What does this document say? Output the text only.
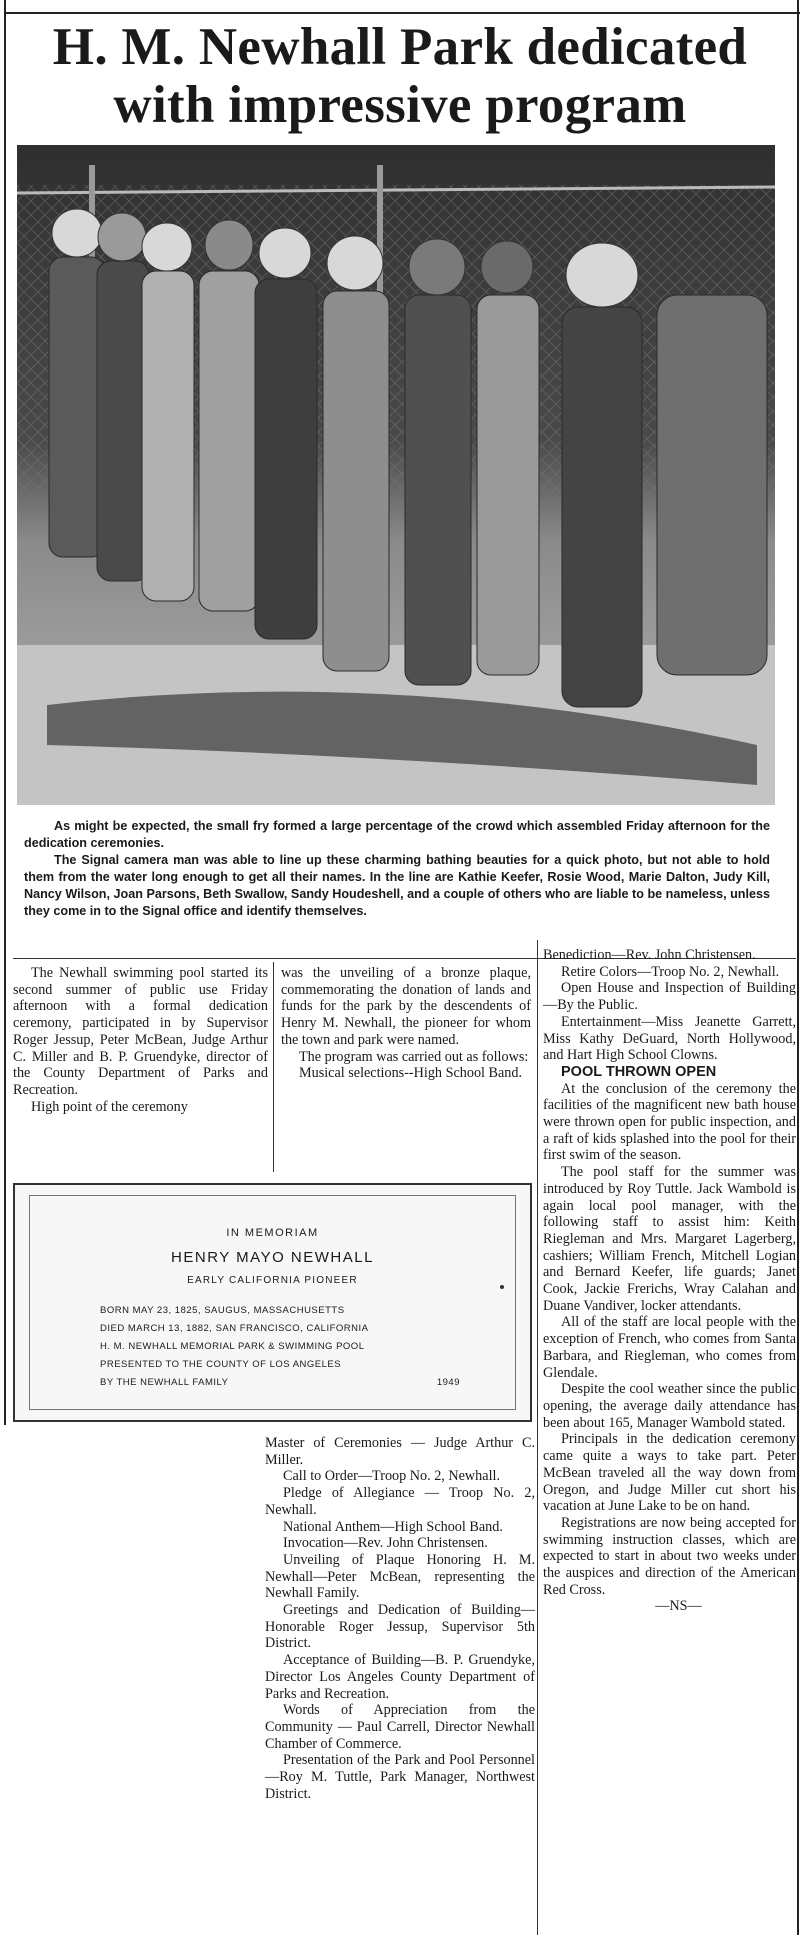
H. M. Newhall Park dedicated
with impressive program

As might be expected, the small fry formed a large percentage of the crowd which assembled Friday afternoon for the dedication ceremonies.

The Signal camera man was able to line up these charming bathing beauties for a quick photo, but not able to hold them from the water long enough to get all their names. In the line are Kathie Keefer, Rosie Wood, Marie Dalton, Judy Kill, Nancy Wilson, Joan Parsons, Beth Swallow, Sandy Houdeshell, and a couple of others who are liable to be nameless, unless they come in to the Signal office and identify themselves.

The Newhall swimming pool started its second summer of public use Friday afternoon with a formal dedication ceremony, participated in by Supervisor Roger Jessup, Peter McBean, Judge Arthur C. Miller and B. P. Gruendyke, director of the County Department of Parks and Recreation.

High point of the ceremony

was the unveiling of a bronze plaque, commemorating the donation of lands and funds for the park by the descendents of Henry M. Newhall, the pioneer for whom the town and park were named.

The program was carried out as follows:

Musical selections--High School Band.

IN MEMORIAM
HENRY MAYO NEWHALL
EARLY CALIFORNIA PIONEER
BORN MAY 23, 1825, SAUGUS, MASSACHUSETTS
DIED MARCH 13, 1882, SAN FRANCISCO, CALIFORNIA
H. M. NEWHALL MEMORIAL PARK & SWIMMING POOL
PRESENTED TO THE COUNTY OF LOS ANGELES
BY THE NEWHALL FAMILY	1949

Master of Ceremonies — Judge Arthur C. Miller.

Call to Order—Troop No. 2, Newhall.

Pledge of Allegiance — Troop No. 2, Newhall.

National Anthem—High School Band.

Invocation—Rev. John Christensen.

Unveiling of Plaque Honoring H. M. Newhall—Peter McBean, representing the Newhall Family.

Greetings and Dedication of Building—Honorable Roger Jessup, Supervisor 5th District.

Acceptance of Building—B. P. Gruendyke, Director Los Angeles County Department of Parks and Recreation.

Words of Appreciation from the Community — Paul Carrell, Director Newhall Chamber of Commerce.

Presentation of the Park and Pool Personnel—Roy M. Tuttle, Park Manager, Northwest District.

Benediction—Rev. John Christensen.

Retire Colors—Troop No. 2, Newhall.

Open House and Inspection of Building—By the Public.

Entertainment—Miss Jeanette Garrett, Miss Kathy DeGuard, North Hollywood, and Hart High School Clowns.

POOL THROWN OPEN

At the conclusion of the ceremony the facilities of the magnificent new bath house were thrown open for public inspection, and a raft of kids splashed into the pool for their first swim of the season.

The pool staff for the summer was introduced by Roy Tuttle. Jack Wambold is again local pool manager, with the following staff to assist him: Keith Riegleman and Mrs. Margaret Lagerberg, cashiers; William French, Mitchell Logian and Bernard Keefer, life guards; Janet Cook, Jackie Frerichs, Wray Calahan and Duane Vandiver, locker attendants.

All of the staff are local people with the exception of French, who comes from Santa Barbara, and Riegleman, who comes from Glendale.

Despite the cool weather since the public opening, the average daily attendance has been about 165, Manager Wambold stated.

Principals in the dedication ceremony came quite a ways to take part. Peter McBean traveled all the way down from Oregon, and Judge Miller cut short his vacation at June Lake to be on hand.

Registrations are now being accepted for swimming instruction classes, which are expected to start in about two weeks under the auspices and direction of the American Red Cross.

—NS—
